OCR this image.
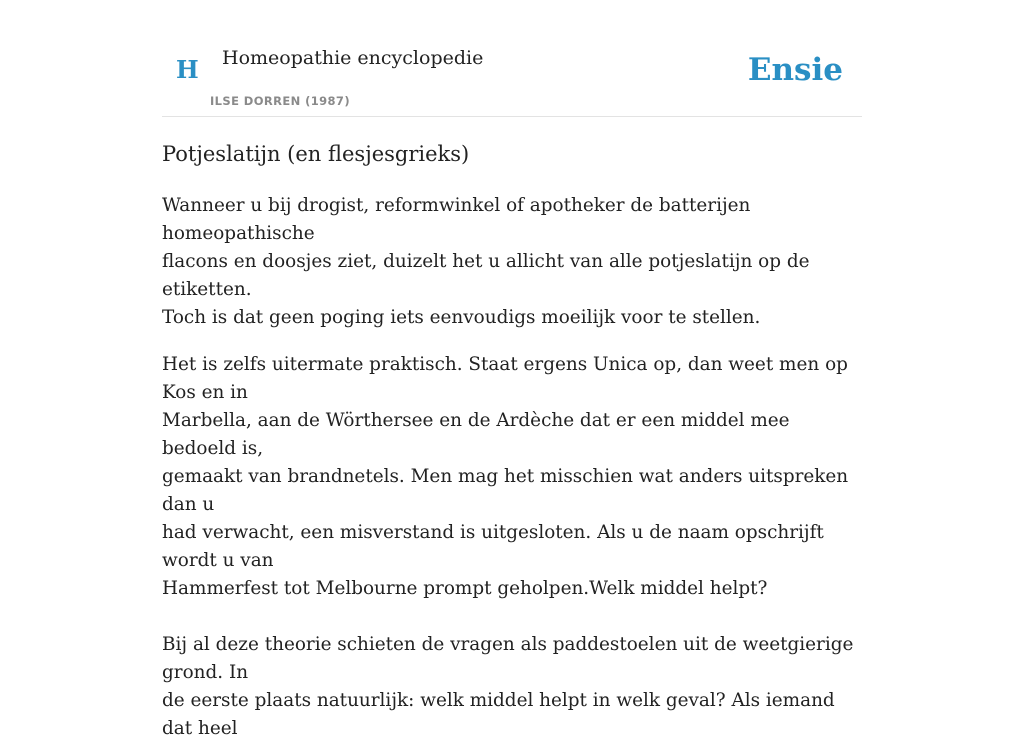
H Homeopathie encyclopedie
ILSE DORREN (1987)
Ensie
Potjeslatijn (en flesjesgrieks)

Wanneer u bij drogist, reformwinkel of apotheker de batterijen homeopathische
flacons en doosjes ziet, duizelt het u allicht van alle potjeslatijn op de etiketten.
Toch is dat geen poging iets eenvoudigs moeilijk voor te stellen.

Het is zelfs uitermate praktisch. Staat ergens Unica op, dan weet men op Kos en in
Marbella, aan de Wörthersee en de Ardèche dat er een middel mee bedoeld is,
gemaakt van brandnetels. Men mag het misschien wat anders uitspreken dan u
had verwacht, een misverstand is uitgesloten. Als u de naam opschrijft wordt u van
Hammerfest tot Melbourne prompt geholpen.Welk middel helpt?

Bij al deze theorie schieten de vragen als paddestoelen uit de weetgierige grond. In
de eerste plaats natuurlijk: welk middel helpt in welk geval? Als iemand dat heel
